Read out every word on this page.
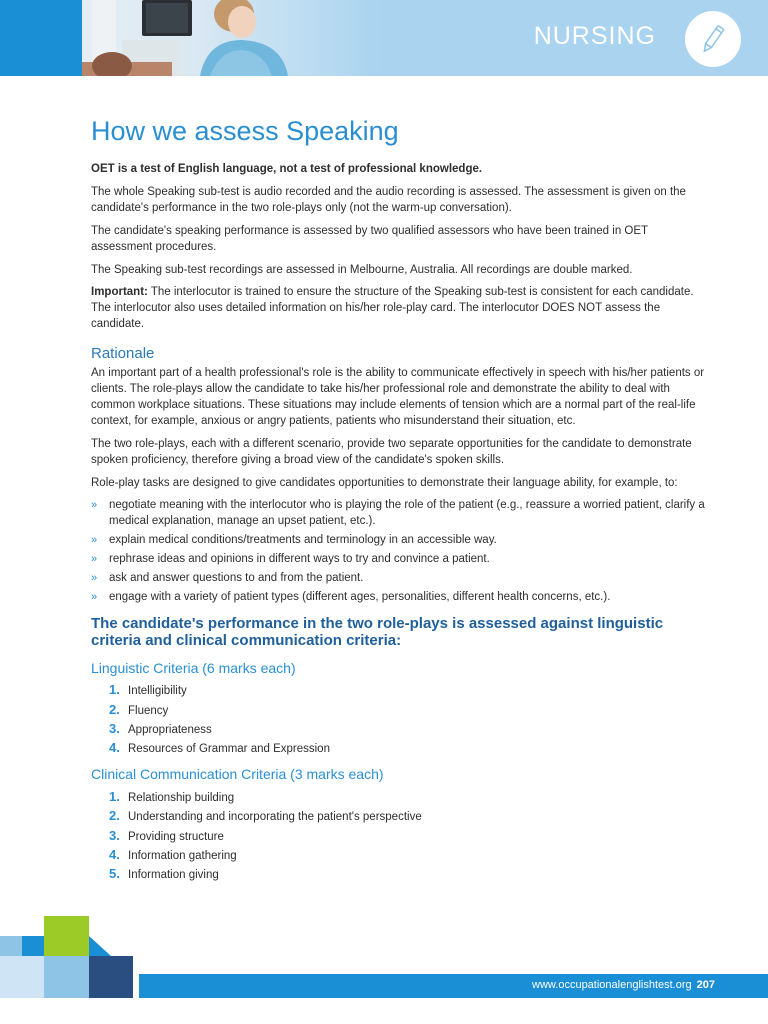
NURSING
How we assess Speaking

OET is a test of English language, not a test of professional knowledge.

The whole Speaking sub-test is audio recorded and the audio recording is assessed. The assessment is given on the candidate's performance in the two role-plays only (not the warm-up conversation).

The candidate's speaking performance is assessed by two qualified assessors who have been trained in OET assessment procedures.

The Speaking sub-test recordings are assessed in Melbourne, Australia. All recordings are double marked.

Important: The interlocutor is trained to ensure the structure of the Speaking sub-test is consistent for each candidate. The interlocutor also uses detailed information on his/her role-play card. The interlocutor DOES NOT assess the candidate.

Rationale

An important part of a health professional's role is the ability to communicate effectively in speech with his/her patients or clients. The role-plays allow the candidate to take his/her professional role and demonstrate the ability to deal with common workplace situations. These situations may include elements of tension which are a normal part of the real-life context, for example, anxious or angry patients, patients who misunderstand their situation, etc.

The two role-plays, each with a different scenario, provide two separate opportunities for the candidate to demonstrate spoken proficiency, therefore giving a broad view of the candidate's spoken skills.

Role-play tasks are designed to give candidates opportunities to demonstrate their language ability, for example, to:

» negotiate meaning with the interlocutor who is playing the role of the patient (e.g., reassure a worried patient, clarify a medical explanation, manage an upset patient, etc.).
» explain medical conditions/treatments and terminology in an accessible way.
» rephrase ideas and opinions in different ways to try and convince a patient.
» ask and answer questions to and from the patient.
» engage with a variety of patient types (different ages, personalities, different health concerns, etc.).
The candidate's performance in the two role-plays is assessed against linguistic criteria and clinical communication criteria:
Linguistic Criteria (6 marks each)
1. Intelligibility
2. Fluency
3. Appropriateness
4. Resources of Grammar and Expression
Clinical Communication Criteria (3 marks each)
1. Relationship building
2. Understanding and incorporating the patient's perspective
3. Providing structure
4. Information gathering
5. Information giving
www.occupationalenglishtest.org 207
